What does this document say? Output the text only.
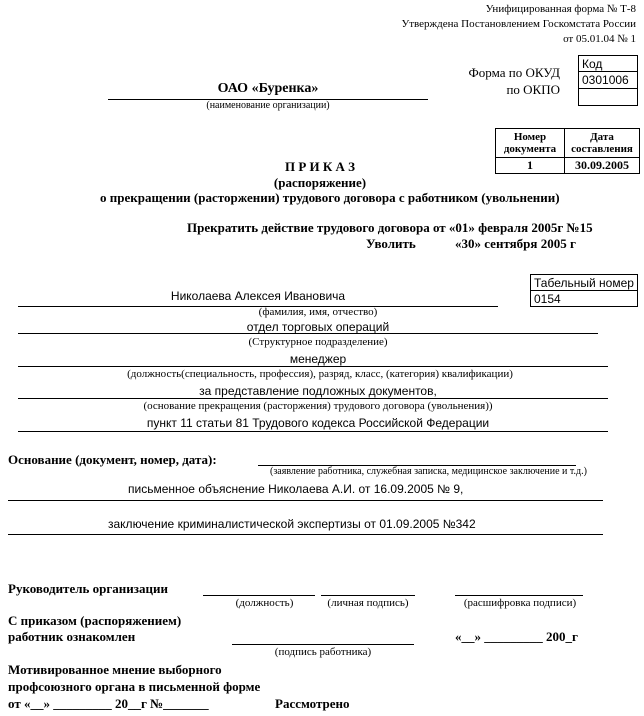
Унифицированная форма № Т-8
Утверждена Постановлением Госкомстата России
от 05.01.04 № 1
Форма по ОКУД
по ОКПО
Код
0301006

ОАО «Буренка»
(наименование организации)
Номер документа	Дата составления
1	30.09.2005
П Р И К А З
(распоряжение)
о прекращении (расторжении) трудового договора с работником (увольнении)
Прекратить действие трудового договора от «01» февраля 2005г №15
Уволить	«30» сентября 2005 г
Табельный номер
0154
Николаева Алексея Ивановича
(фамилия, имя, отчество)
отдел торговых операций
(Структурное подразделение)
менеджер
(должность(специальность, профессия), разряд, класс, (категория) квалификации)
за представление подложных документов,
(основание прекращения (расторжения) трудового договора (увольнения))
пункт 11 статьи 81 Трудового кодекса Российской Федерации
Основание (документ, номер, дата):
(заявление работника, служебная записка, медицинское заключение и т.д.)
письменное объяснение Николаева А.И. от 16.09.2005 № 9,
заключение криминалистической экспертизы от 01.09.2005 №342
Руководитель организации
(должность)	(личная подпись)	(расшифровка подписи)
С приказом (распоряжением)
работник ознакомлен
(подпись работника)
«__» _________ 200_г
Мотивированное мнение выборного
профсоюзного органа в письменной форме
от «__» _________ 20__г №_______	Рассмотрено
